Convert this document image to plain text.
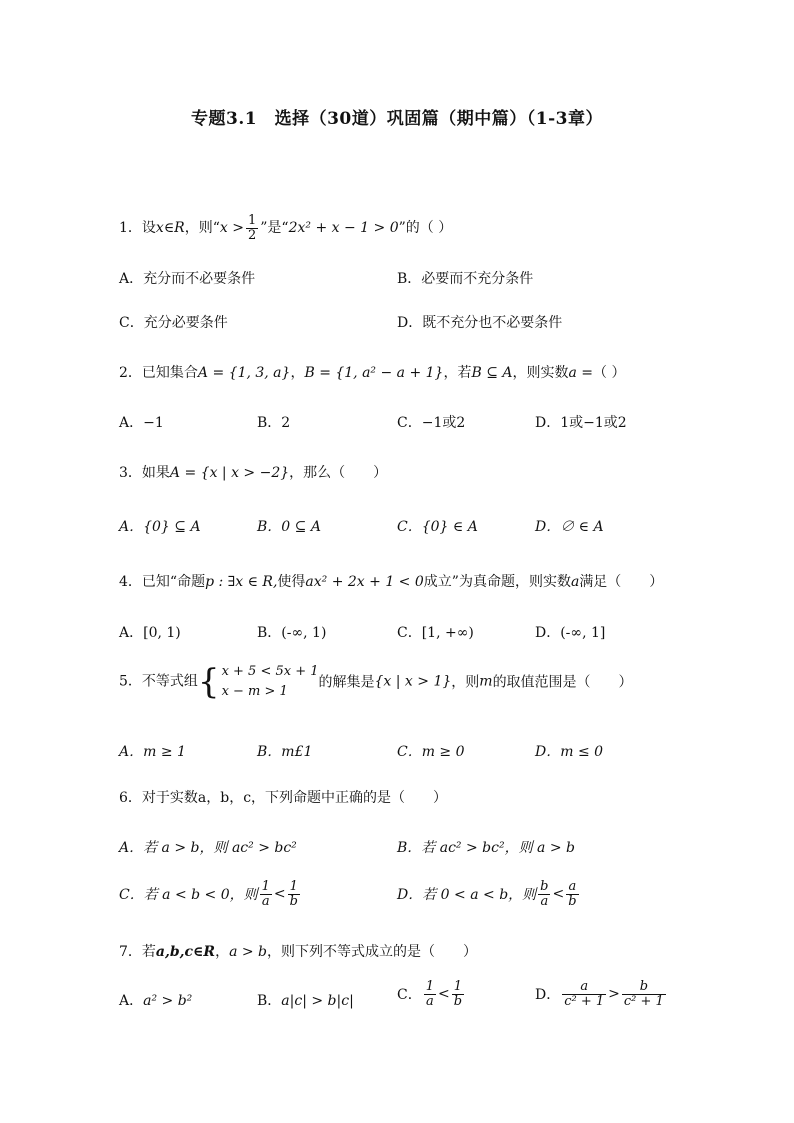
专题3.1　选择（30道）巩固篇（期中篇）（1-3章）
1．设x∈R，则“$x > \frac{1}{2}$ ”是“2x² + x − 1 > 0”的（ ）
A．充分而不必要条件	B．必要而不充分条件
C．充分必要条件	D．既不充分也不必要条件
2．已知集合A = {1, 3, a}，B = {1, a² − a + 1}，若B ⊆ A，则实数a =（ ）
A．−1	B．2	C．−1或2	D．1或−1或2
3．如果A = {x | x > −2}，那么（　　）
A．{0} ⊆ A	B．0 ⊆ A	C．{0} ∈ A	D．∅ ∈ A
4．已知“命题p : ∃x ∈ R,使得ax² + 2x + 1 < 0成立”为真命题，则实数a满足（　　）
A．[0, 1)	B．(-∞, 1)	C．[1, +∞)	D．(-∞, 1]
5．不等式组{ x + 5 < 5x + 1
x − m > 1
的解集是{x | x > 1}，则m的取值范围是（　　）
A．m ≥ 1	B．m£1	C．m ≥ 0	D．m ≤ 0
6．对于实数a，b，c，下列命题中正确的是（　　）
A．若 a > b，则 ac² > bc²	B．若 ac² > bc²，则 a > b
C．若 a < b < 0，则 $\frac{1}{a} < \frac{1}{b}$	D．若 0 < a < b，则 $\frac{b}{a} < \frac{a}{b}$
7．若a,b,c∈R，a > b，则下列不等式成立的是（　　）
A．a² > b²	B．a|c| > b|c|	C． $\frac{1}{a} < \frac{1}{b}$	D． $\frac{a}{\text{c² + 1}} > \frac{b}{\text{c² + 1}}$
